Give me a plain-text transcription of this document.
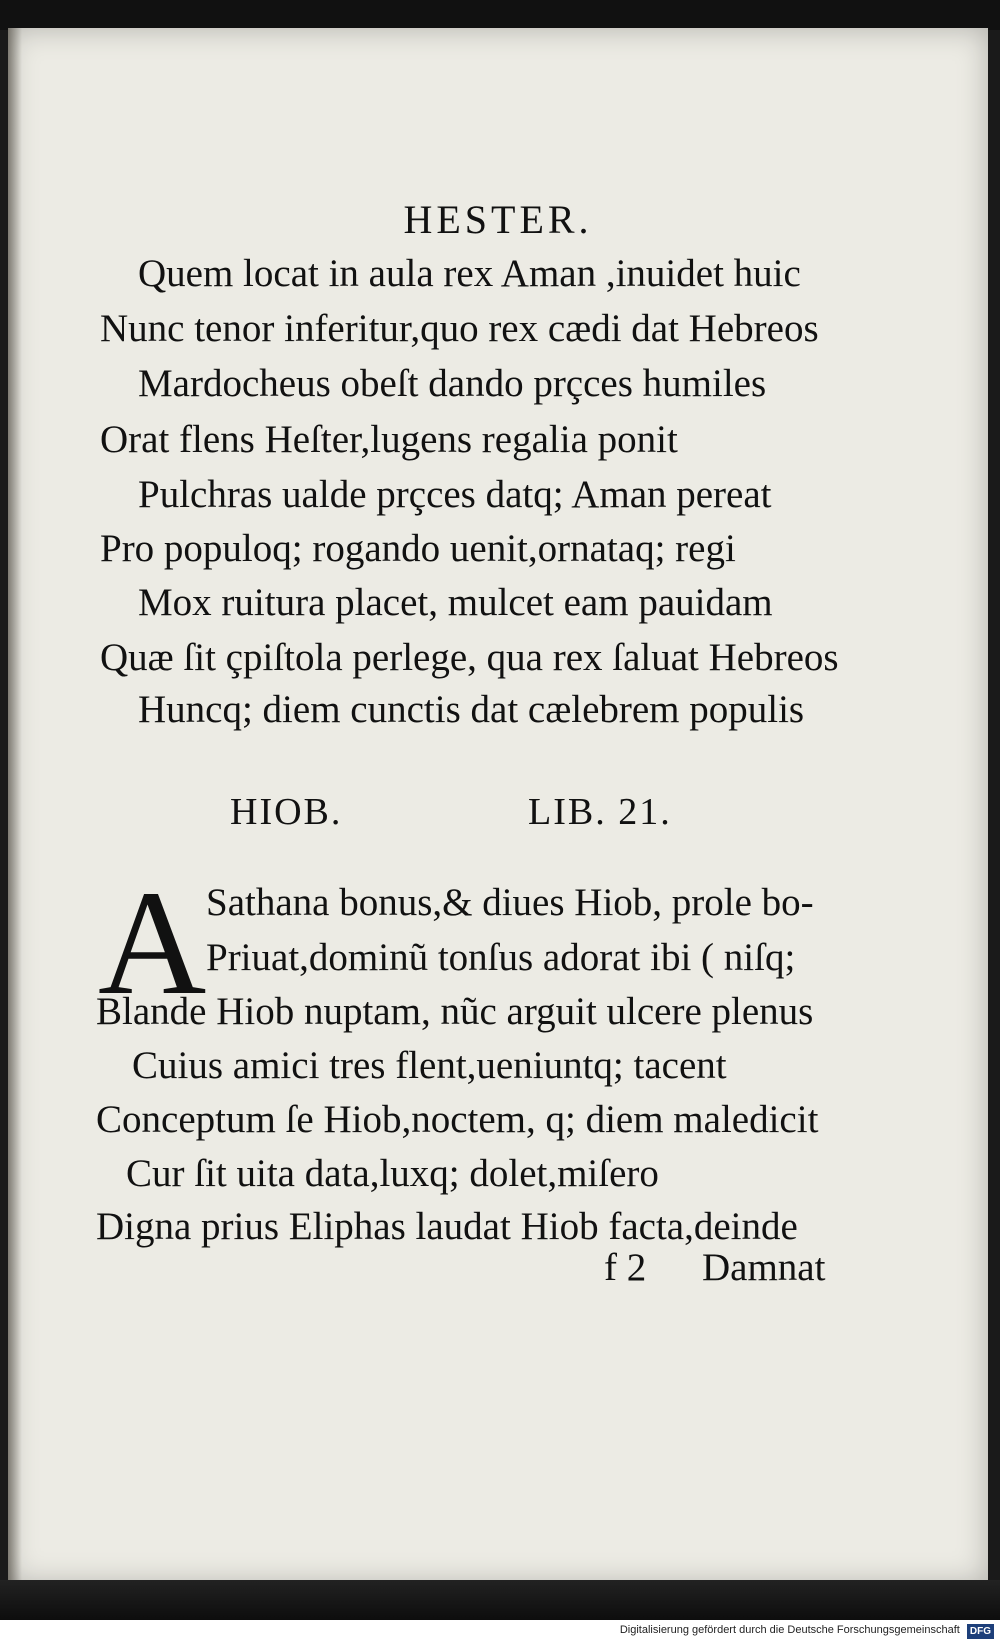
HESTER.
Quem locat in aula rex Aman ,inuidet huic
Nunc tenor inferitur,quo rex cædi dat Hebreos
Mardocheus obeſt dando prçces humiles
Orat flens Heſter,lugens regalia ponit
Pulchras ualde prçces datq; Aman pereat
Pro populoq; rogando uenit,ornataq; regi
Mox ruitura placet, mulcet eam pauidam
Quæ ſit çpiſtola perlege, qua rex ſaluat Hebreos
Huncq; diem cunctis dat cælebrem populis
HIOB.	LIB. 21.
A Sathana bonus,& diues Hiob, prole bo-
Priuat,dominũ tonſus adorat ibi ( niſq;
Blande Hiob nuptam, nũc arguit ulcere plenus
Cuius amici tres flent,ueniuntq; tacent
Conceptum ſe Hiob,noctem, q; diem maledicit
Cur ſit uita data,luxq; dolet,miſero
Digna prius Eliphas laudat Hiob facta,deinde
f 2 Damnat
Digitalisierung gefördert durch die Deutsche Forschungsgemeinschaft DFG
